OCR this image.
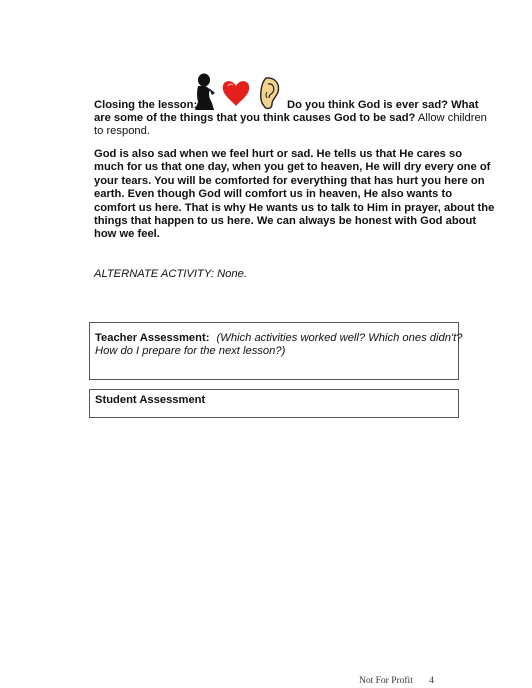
Closing the lesson:	Do you think God is ever sad? What
are some of the things that you think causes God to be sad? Allow children
to respond.
God is also sad when we feel hurt or sad. He tells us that He cares so
much for us that one day, when you get to heaven, He will dry every one of
your tears. You will be comforted for everything that has hurt you here on
earth. Even though God will comfort us in heaven, He also wants to
comfort us here. That is why He wants us to talk to Him in prayer, about the
things that happen to us here. We can always be honest with God about
how we feel.
ALTERNATE ACTIVITY: None.
Teacher Assessment: (Which activities worked well? Which ones didn't?
How do I prepare for the next lesson?)
Student Assessment
Not For Profit 4
